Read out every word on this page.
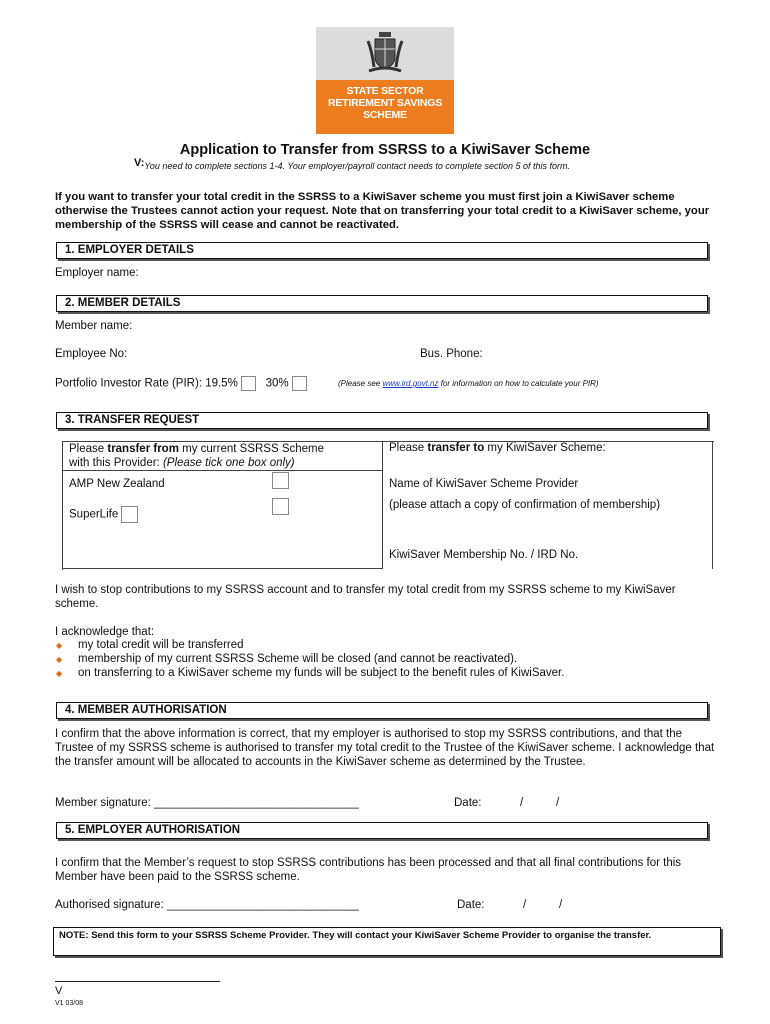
STATE SECTOR
RETIREMENT SAVINGS
SCHEME
Application to Transfer from SSRSS to a KiwiSaver Scheme
V:You need to complete sections 1-4. Your employer/payroll contact needs to complete section 5 of this form.
If you want to transfer your total credit in the SSRSS to a KiwiSaver scheme you must first join a KiwiSaver scheme otherwise the Trustees cannot action your request. Note that on transferring your total credit to a KiwiSaver scheme, your membership of the SSRSS will cease and cannot be reactivated.
1. EMPLOYER DETAILS
Employer name:
2. MEMBER DETAILS
Member name:
Employee No:	Bus. Phone:
Portfolio Investor Rate (PIR): 19.5% 30%	(Please see www.ird.govt.nz for information on how to calculate your PIR)
3. TRANSFER REQUEST
Please transfer from my current SSRSS Scheme
with this Provider: (Please tick one box only)
AMP New Zealand
SuperLife
Please transfer to my KiwiSaver Scheme:
Name of KiwiSaver Scheme Provider
(please attach a copy of confirmation of membership)
KiwiSaver Membership No. / IRD No.
I wish to stop contributions to my SSRSS account and to transfer my total credit from my SSRSS scheme to my KiwiSaver scheme.
I acknowledge that:
◆ my total credit will be transferred
◆ membership of my current SSRSS Scheme will be closed (and cannot be reactivated).
◆ on transferring to a KiwiSaver scheme my funds will be subject to the benefit rules of KiwiSaver.
4. MEMBER AUTHORISATION
I confirm that the above information is correct, that my employer is authorised to stop my SSRSS contributions, and that the Trustee of my SSRSS scheme is authorised to transfer my total credit to the Trustee of the KiwiSaver scheme. I acknowledge that the transfer amount will be allocated to accounts in the KiwiSaver scheme as determined by the Trustee.
Member signature: ________________________________	Date:	/	/
5. EMPLOYER AUTHORISATION
I confirm that the Member’s request to stop SSRSS contributions has been processed and that all final contributions for this Member have been paid to the SSRSS scheme.
Authorised signature: ______________________________	Date:	/	/
NOTE: Send this form to your SSRSS Scheme Provider. They will contact your KiwiSaver Scheme Provider to organise the transfer.
V
V1 03/08
